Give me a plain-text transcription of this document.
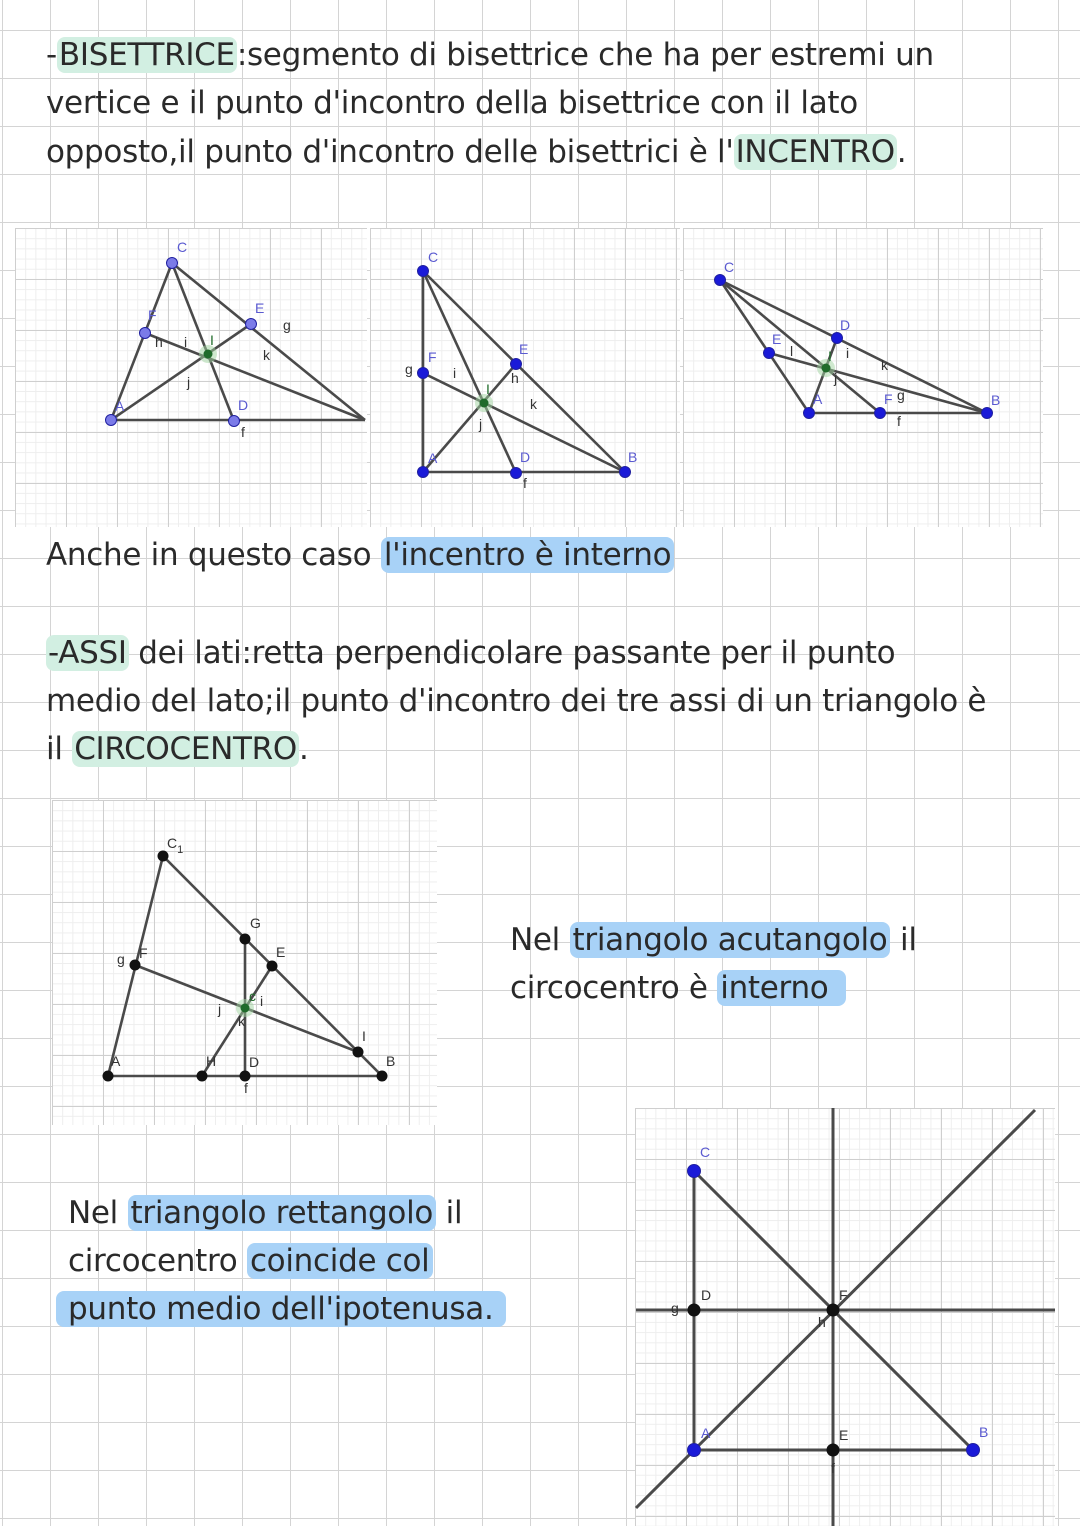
-BISETTRICE:segmento di bisettrice che ha per estremi un
vertice e il punto d'incontro della bisettrice con il lato
opposto,il punto d'incontro delle bisettrici è l'INCENTRO.
Anche in questo caso l'incentro è interno
-ASSI dei lati:retta perpendicolare passante per il punto
medio del lato;il punto d'incontro dei tre assi di un triangolo è
il CIRCOCENTRO.
Nel triangolo acutangolo il
circocentro è interno
Nel triangolo rettangolo il
circocentro coincide col
punto medio dell'ipotenusa.
C
F	E
g
h i I
k
j
A	D
f
C
g
F	E
i	h
I
k
j
A	D
f
B
C
D
E
l	i
I
k
j
g
A	F
f
B
$C_1$
G
E
g F
c i
j
k
I
A	H D	B
f
C
D
g
F
h
A	E
f
B
